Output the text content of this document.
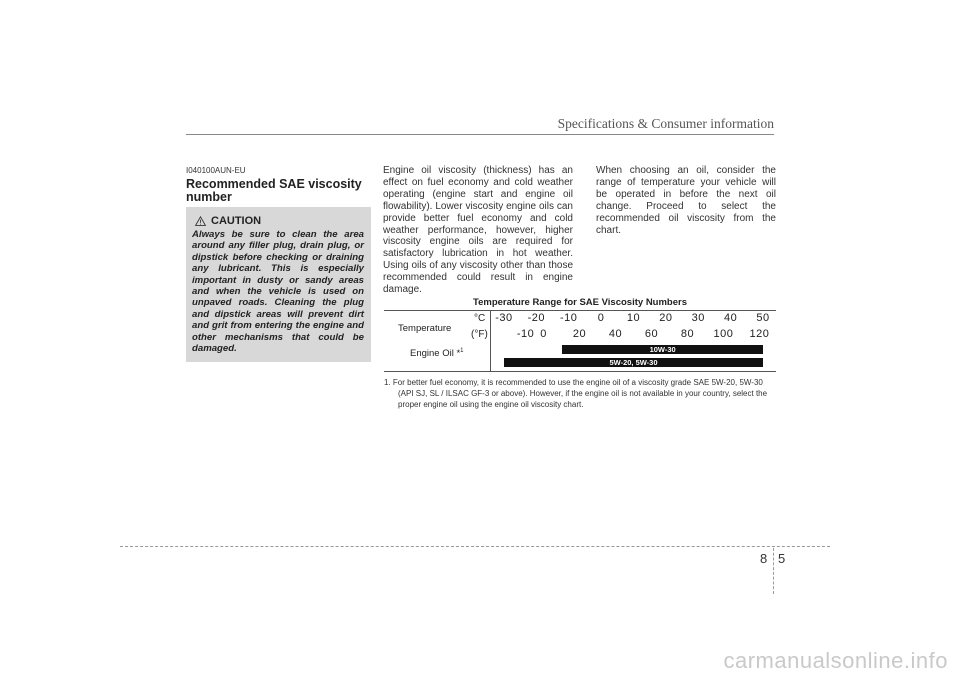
Specifications & Consumer information
I040100AUN-EU
Recommended SAE viscosity number
CAUTION
Always be sure to clean the area around any filler plug, drain plug, or dipstick before checking or draining any lubricant. This is especially important in dusty or sandy areas and when the vehicle is used on unpaved roads. Cleaning the plug and dipstick areas will prevent dirt and grit from entering the engine and other mechanisms that could be damaged.
Engine oil viscosity (thickness) has an effect on fuel economy and cold weather operating (engine start and engine oil flowability). Lower viscosity engine oils can provide better fuel economy and cold weather performance, however, higher viscosity engine oils are required for satisfactory lubrication in hot weather. Using oils of any viscosity other than those recommended could result in engine damage.
When choosing an oil, consider the range of temperature your vehicle will be operated in before the next oil change. Proceed to select the recommended oil viscosity from the chart.
Temperature Range for SAE Viscosity Numbers
Temperature
°C
(°F)
Engine Oil *$^1$
-30 -20 -10 0 10 20 30 40 50
-10 0 20 40 60 80 100 120
10W-30
5W-20, 5W-30
1. For better fuel economy, it is recommended to use the engine oil of a viscosity grade SAE 5W-20, 5W-30 (API SJ, SL / ILSAC GF-3 or above). However, if the engine oil is not available in your country, select the proper engine oil using the engine oil viscosity chart.
8 5
carmanualsonline.info
